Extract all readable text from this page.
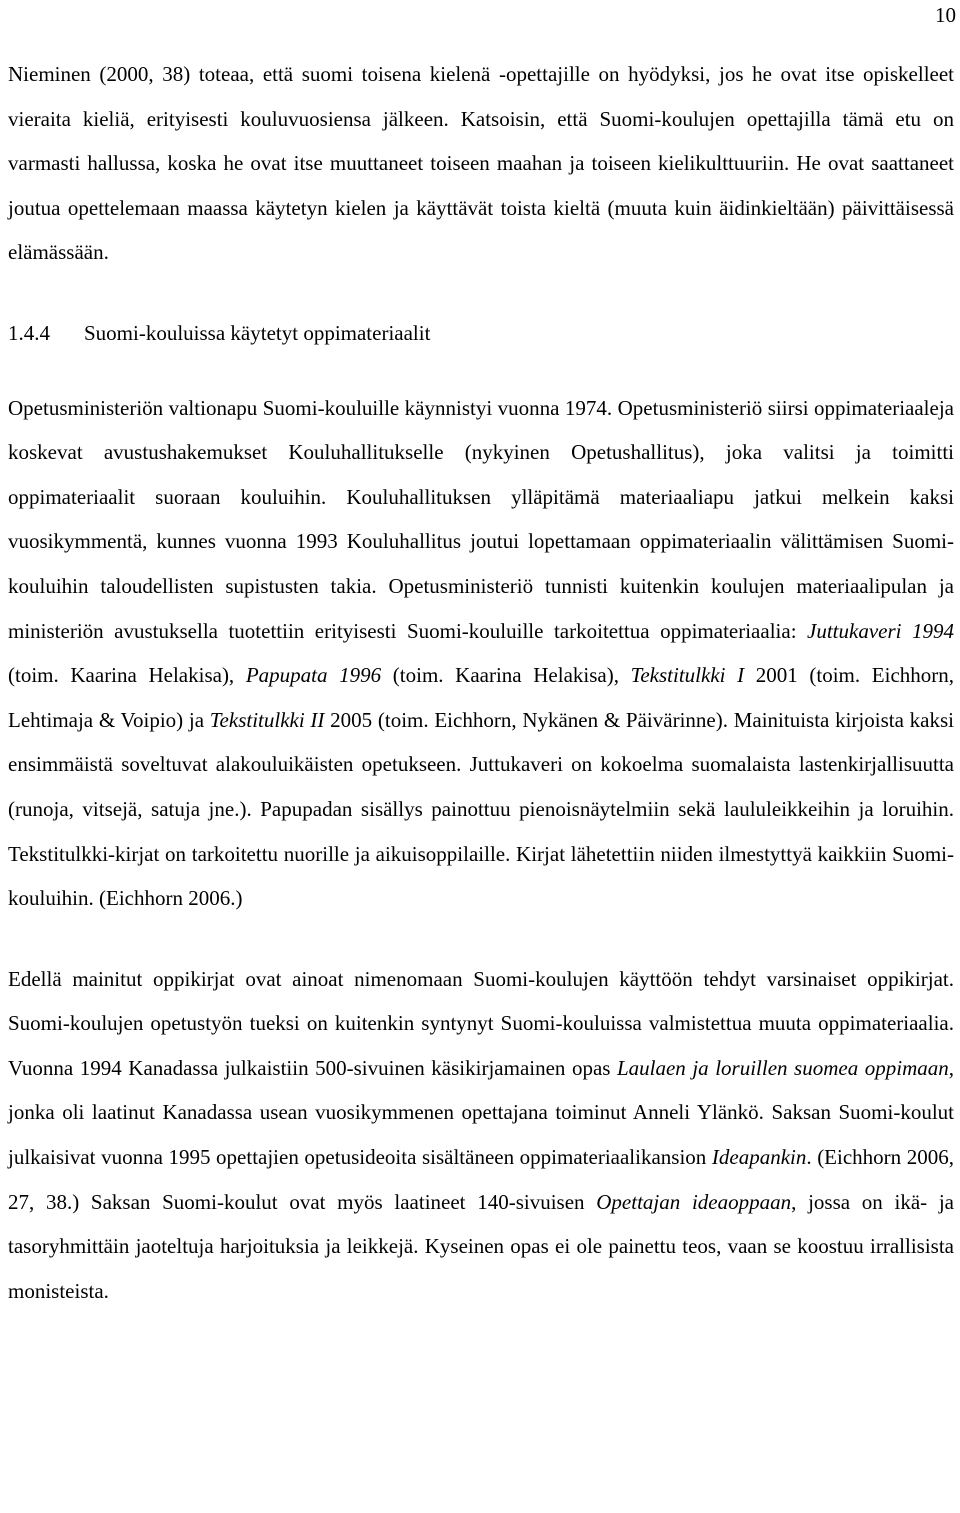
10

Nieminen (2000, 38) toteaa, että suomi toisena kielenä -opettajille on hyödyksi, jos he ovat itse opiskelleet vieraita kieliä, erityisesti kouluvuosiensa jälkeen. Katsoisin, että Suomi-koulujen opettajilla tämä etu on varmasti hallussa, koska he ovat itse muuttaneet toiseen maahan ja toiseen kielikulttuuriin. He ovat saattaneet joutua opettelemaan maassa käytetyn kielen ja käyttävät toista kieltä (muuta kuin äidinkieltään) päivittäisessä elämässään.

1.4.4 Suomi-kouluissa käytetyt oppimateriaalit

Opetusministeriön valtionapu Suomi-kouluille käynnistyi vuonna 1974. Opetusministeriö siirsi oppimateriaaleja koskevat avustushakemukset Kouluhallitukselle (nykyinen Opetushallitus), joka valitsi ja toimitti oppimateriaalit suoraan kouluihin. Kouluhallituksen ylläpitämä materiaaliapu jatkui melkein kaksi vuosikymmentä, kunnes vuonna 1993 Kouluhallitus joutui lopettamaan oppimateriaalin välittämisen Suomi-kouluihin taloudellisten supistusten takia. Opetusministeriö tunnisti kuitenkin koulujen materiaalipulan ja ministeriön avustuksella tuotettiin erityisesti Suomi-kouluille tarkoitettua oppimateriaalia: Juttukaveri 1994 (toim. Kaarina Helakisa), Papupata 1996 (toim. Kaarina Helakisa), Tekstitulkki I 2001 (toim. Eichhorn, Lehtimaja & Voipio) ja Tekstitulkki II 2005 (toim. Eichhorn, Nykänen & Päivärinne). Mainituista kirjoista kaksi ensimmäistä soveltuvat alakouluikäisten opetukseen. Juttukaveri on kokoelma suomalaista lastenkirjallisuutta (runoja, vitsejä, satuja jne.). Papupadan sisällys painottuu pienoisnäytelmiin sekä laululeikkeihin ja loruihin. Tekstitulkki-kirjat on tarkoitettu nuorille ja aikuisoppilaille. Kirjat lähetettiin niiden ilmestyttyä kaikkiin Suomi-kouluihin. (Eichhorn 2006.)

Edellä mainitut oppikirjat ovat ainoat nimenomaan Suomi-koulujen käyttöön tehdyt varsinaiset oppikirjat. Suomi-koulujen opetustyön tueksi on kuitenkin syntynyt Suomi-kouluissa valmistettua muuta oppimateriaalia. Vuonna 1994 Kanadassa julkaistiin 500-sivuinen käsikirjamainen opas Laulaen ja loruillen suomea oppimaan, jonka oli laatinut Kanadassa usean vuosikymmenen opettajana toiminut Anneli Ylänkö. Saksan Suomi-koulut julkaisivat vuonna 1995 opettajien opetusideoita sisältäneen oppimateriaalikansion Ideapankin. (Eichhorn 2006, 27, 38.) Saksan Suomi-koulut ovat myös laatineet 140-sivuisen Opettajan ideaoppaan, jossa on ikä- ja tasoryhmittäin jaoteltuja harjoituksia ja leikkejä. Kyseinen opas ei ole painettu teos, vaan se koostuu irrallisista monisteista.
